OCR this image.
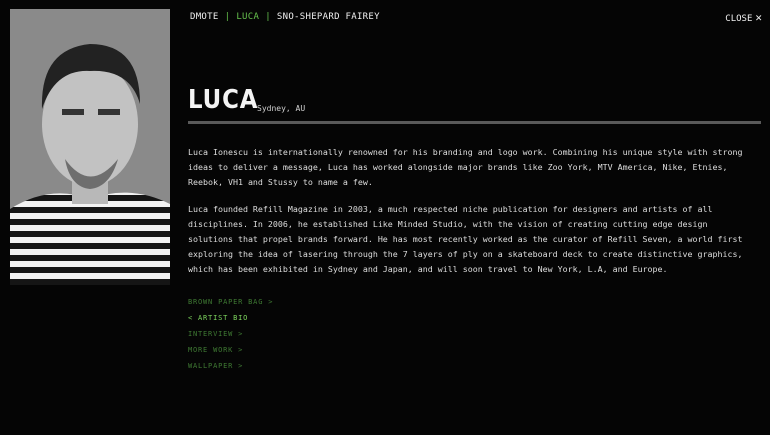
DMOTE | LUCA | SNO-SHEPARD FAIREY	CLOSE ✕
LUCA
Sydney, AU

Luca Ionescu is internationally renowned for his branding and logo work. Combining his unique style with strong ideas to deliver a message, Luca has worked alongside major brands like Zoo York, MTV America, Nike, Etnies, Reebok, VH1 and Stussy to name a few.

Luca founded Refill Magazine in 2003, a much respected niche publication for designers and artists of all disciplines. In 2006, he established Like Minded Studio, with the vision of creating cutting edge design solutions that propel brands forward. He has most recently worked as the curator of Refill Seven, a world first exploring the idea of lasering through the 7 layers of ply on a skateboard deck to create distinctive graphics, which has been exhibited in Sydney and Japan, and will soon travel to New York, L.A, and Europe.

BROWN PAPER BAG >
< ARTIST BIO
INTERVIEW >
MORE WORK >
WALLPAPER >
